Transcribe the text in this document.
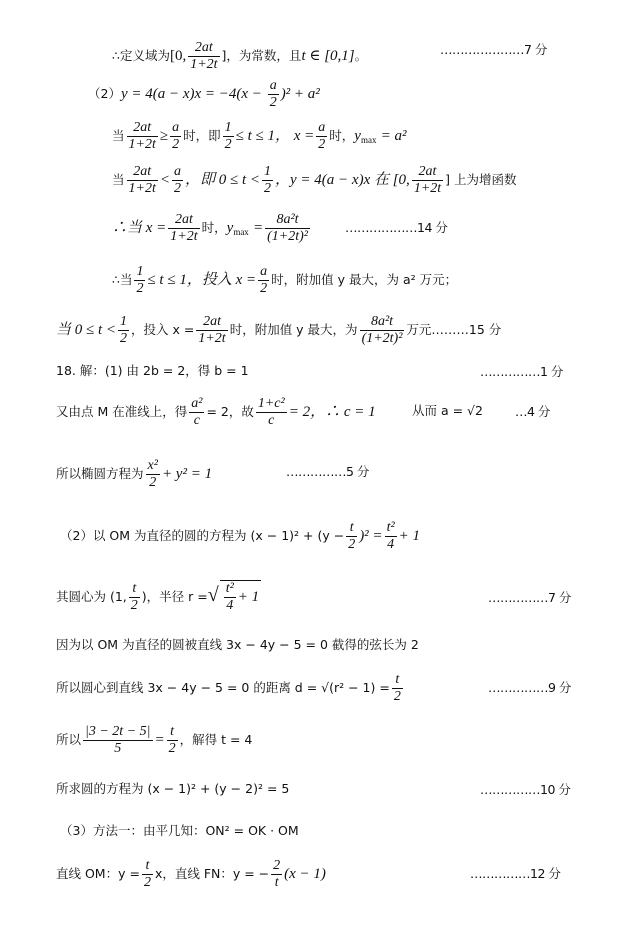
∴定义域为[0, $\frac{2at}{1+2t}$ ]，为常数，且t ∈ [0,1]。	…………………7 分
$(2)y = 4(a - x)x = -4(x - \frac{a}{2} )^2 + a^2$
当 $\frac{2at}{1+2t} \ge \frac{a}{2}$ 时，即 $\frac{1}{2} \le t \le 1$， $x = \frac{a}{2}$ 时，$y_{max} = a^2$
当 $\frac{2at}{1+2t} < \frac{a}{2}$ ，即 $0 \le t < \frac{1}{2}$ ，y = 4(a − x)x 在 [0, $\frac{2at}{1+2t}$ ] 上为增函数
∴当 $x = \frac{2at}{1+2t}$ 时，$y_{max} = \frac{\text{8a²t}}{\text{(1+2t)²}}$	………………14 分
∴当 $\frac{1}{2} \le t \le 1$，投入 $x = \frac{a}{2}$ 时，附加值 y 最大，为 a² 万元；
当 $0 \le t < \frac{1}{2}$ ，投入 $x = \frac{2at}{1+2t}$ 时，附加值 y 最大，为 $\frac{\text{8a²t}}{\text{(1+2t)²}}$ 万元………15 分
18. 解：(1) 由 2b = 2，得 b = 1	……………1 分
又由点 M 在准线上，得 $\frac{\text{a²}}{c} = 2$，故 $\frac{\text{1+c²}}{c} = 2$，∴ c = 1	从而 a = √2	…4 分
所以椭圆方程为 $\frac{\text{x²}}{2} + y^2 = 1$	……………5 分
（2）以 OM 为直径的圆的方程为 $(x - 1)^2 + (y - \frac{t}{2} )^2 = \frac{\text{t²}}{4} + 1$
其圆心为 (1, $\frac{t}{2}$ )，半径 r =√ $\frac{\text{t²}}{4} + 1$	……………7 分
因为以 OM 为直径的圆被直线 3x − 4y − 5 = 0 截得的弦长为 2
所以圆心到直线 3x − 4y − 5 = 0 的距离 $d = √(r^2 - 1) = \frac{t}{2}$	……………9 分
所以 $\frac{|3 - 2t - 5|}{5} = \frac{t}{2}$ ，解得 t = 4
所求圆的方程为 (x − 1)² + (y − 2)² = 5	……………10 分
（3）方法一：由平几知：ON² = OK · OM
直线 OM：$y = \frac{t}{2}$ x，直线 FN：y = − $\frac{2}{t} (x - 1)$	……………12 分
